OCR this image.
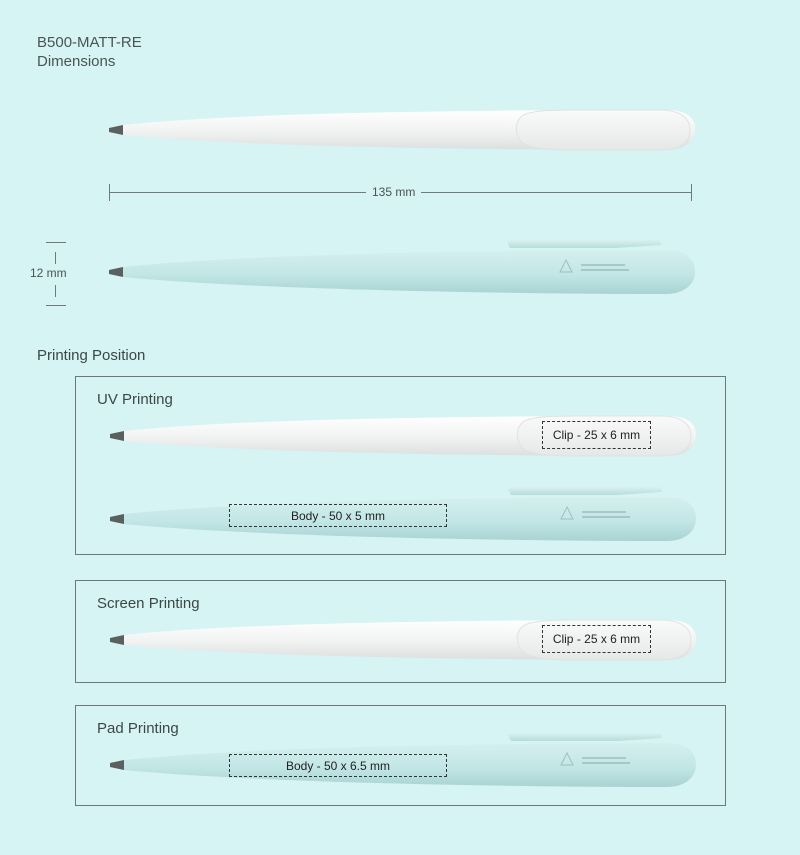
B500-MATT-RE
Dimensions
135 mm
12 mm
Printing Position
UV Printing
Clip - 25 x 6 mm
Body - 50 x 5 mm
Screen Printing
Clip - 25 x 6 mm
Pad Printing
Body - 50 x 6.5 mm
